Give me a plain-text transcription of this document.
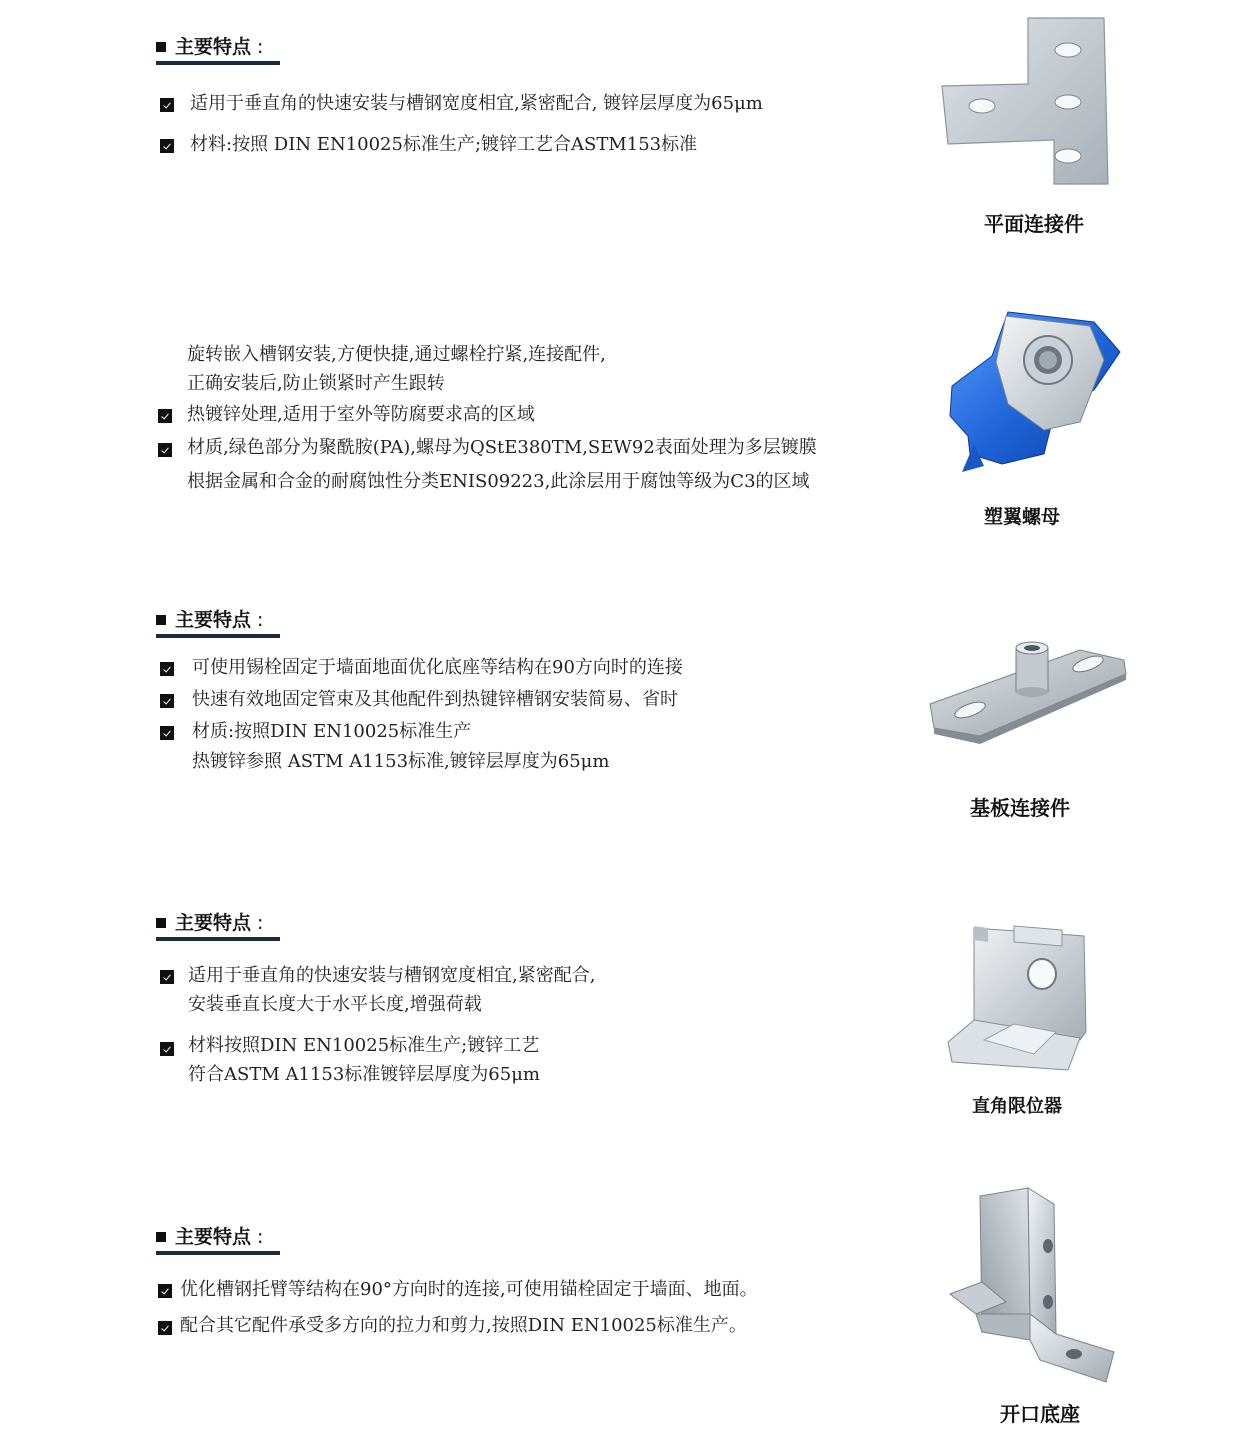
主要特点 :
适用于垂直角的快速安装与槽钢宽度相宜,紧密配合, 镀锌层厚度为65μm
材料:按照 DIN EN10025标准生产;镀锌工艺合ASTM153标准
平面连接件
旋转嵌入槽钢安装,方便快捷,通过螺栓拧紧,连接配件,
正确安装后,防止锁紧时产生跟转
热镀锌处理,适用于室外等防腐要求高的区域
材质,绿色部分为聚酰胺(PA),螺母为QStE380TM,SEW92表面处理为多层镀膜
根据金属和合金的耐腐蚀性分类ENIS09223,此涂层用于腐蚀等级为C3的区域
塑翼螺母
主要特点 :
可使用锡栓固定于墙面地面优化底座等结构在90方向时的连接
快速有效地固定管束及其他配件到热键锌槽钢安装简易、省时
材质:按照DIN EN10025标准生产
热镀锌参照 ASTM A1153标准,镀锌层厚度为65μm
基板连接件
主要特点 :
适用于垂直角的快速安装与槽钢宽度相宜,紧密配合,
安装垂直长度大于水平长度,增强荷载
材料按照DIN EN10025标准生产;镀锌工艺
符合ASTM A1153标准镀锌层厚度为65μm
直角限位器
主要特点 :
优化槽钢托臂等结构在90°方向时的连接,可使用锚栓固定于墙面、地面。
配合其它配件承受多方向的拉力和剪力,按照DIN EN10025标准生产。
开口底座
